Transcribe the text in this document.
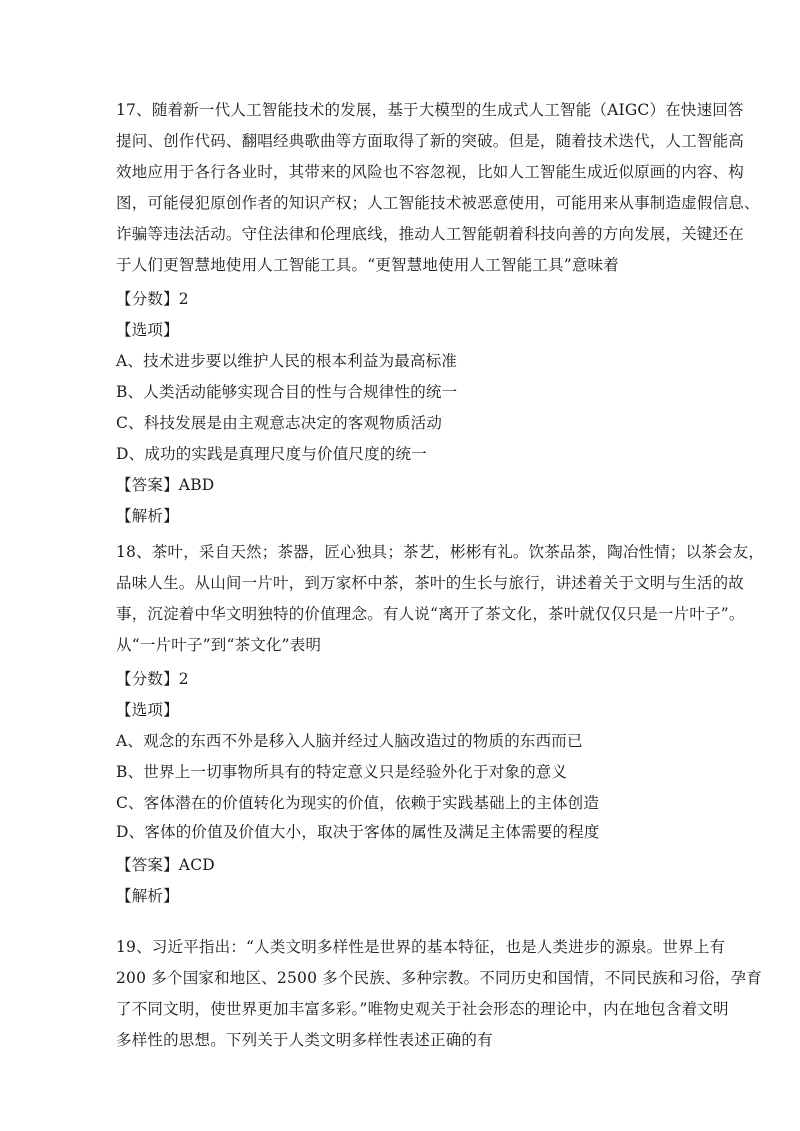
17、随着新一代人工智能技术的发展，基于大模型的生成式人工智能（AIGC）在快速回答
提问、创作代码、翻唱经典歌曲等方面取得了新的突破。但是，随着技术迭代，人工智能高
效地应用于各行各业时，其带来的风险也不容忽视，比如人工智能生成近似原画的内容、构
图，可能侵犯原创作者的知识产权；人工智能技术被恶意使用，可能用来从事制造虚假信息、
诈骗等违法活动。守住法律和伦理底线，推动人工智能朝着科技向善的方向发展，关键还在
于人们更智慧地使用人工智能工具。“更智慧地使用人工智能工具”意味着
【分数】2
【选项】
A、技术进步要以维护人民的根本利益为最高标准
B、人类活动能够实现合目的性与合规律性的统一
C、科技发展是由主观意志决定的客观物质活动
D、成功的实践是真理尺度与价值尺度的统一
【答案】ABD
【解析】
18、茶叶，采自天然；茶器，匠心独具；茶艺，彬彬有礼。饮茶品茶，陶冶性情；以茶会友，
品味人生。从山间一片叶，到万家杯中茶，茶叶的生长与旅行，讲述着关于文明与生活的故
事，沉淀着中华文明独特的价值理念。有人说“离开了茶文化，茶叶就仅仅只是一片叶子”。
从“一片叶子”到“茶文化”表明
【分数】2
【选项】
A、观念的东西不外是移入人脑并经过人脑改造过的物质的东西而已
B、世界上一切事物所具有的特定意义只是经验外化于对象的意义
C、客体潜在的价值转化为现实的价值，依赖于实践基础上的主体创造
D、客体的价值及价值大小，取决于客体的属性及满足主体需要的程度
【答案】ACD
【解析】
19、习近平指出：“人类文明多样性是世界的基本特征，也是人类进步的源泉。世界上有
200 多个国家和地区、2500 多个民族、多种宗教。不同历史和国情，不同民族和习俗，孕育
了不同文明，使世界更加丰富多彩。”唯物史观关于社会形态的理论中，内在地包含着文明
多样性的思想。下列关于人类文明多样性表述正确的有
